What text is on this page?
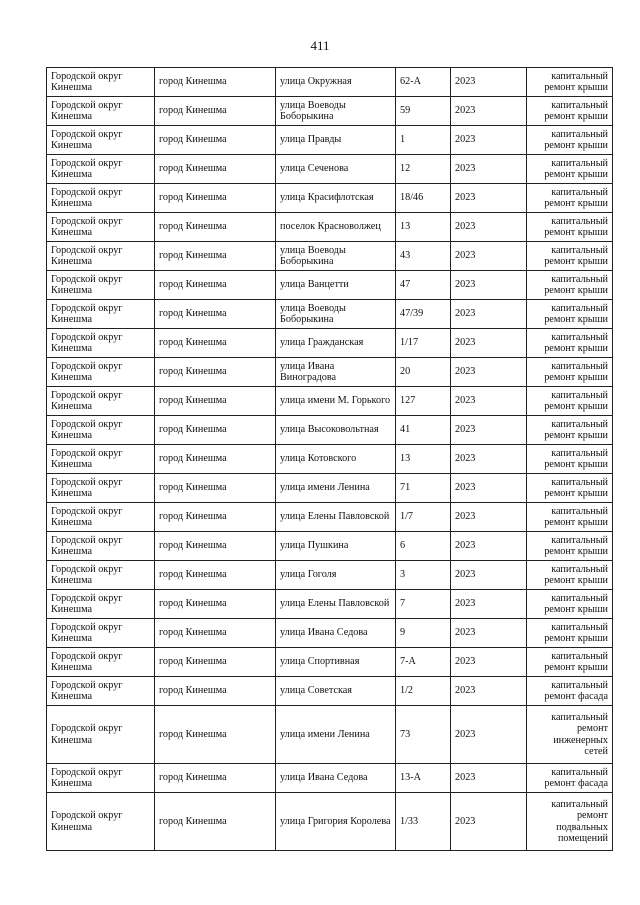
411
Городской округ Кинешма	город Кинешма	улица Окружная	62-А	2023	капитальный ремонт крыши
Городской округ Кинешма	город Кинешма	улица Воеводы Боборыкина	59	2023	капитальный ремонт крыши
Городской округ Кинешма	город Кинешма	улица Правды	1	2023	капитальный ремонт крыши
Городской округ Кинешма	город Кинешма	улица Сеченова	12	2023	капитальный ремонт крыши
Городской округ Кинешма	город Кинешма	улица Красифлотская	18/46	2023	капитальный ремонт крыши
Городской округ Кинешма	город Кинешма	поселок Красноволжец	13	2023	капитальный ремонт крыши
Городской округ Кинешма	город Кинешма	улица Воеводы Боборыкина	43	2023	капитальный ремонт крыши
Городской округ Кинешма	город Кинешма	улица Ванцетти	47	2023	капитальный ремонт крыши
Городской округ Кинешма	город Кинешма	улица Воеводы Боборыкина	47/39	2023	капитальный ремонт крыши
Городской округ Кинешма	город Кинешма	улица Гражданская	1/17	2023	капитальный ремонт крыши
Городской округ Кинешма	город Кинешма	улица Ивана Виноградова	20	2023	капитальный ремонт крыши
Городской округ Кинешма	город Кинешма	улица имени М. Горького	127	2023	капитальный ремонт крыши
Городской округ Кинешма	город Кинешма	улица Высоковольтная	41	2023	капитальный ремонт крыши
Городской округ Кинешма	город Кинешма	улица Котовского	13	2023	капитальный ремонт крыши
Городской округ Кинешма	город Кинешма	улица имени Ленина	71	2023	капитальный ремонт крыши
Городской округ Кинешма	город Кинешма	улица Елены Павловской	1/7	2023	капитальный ремонт крыши
Городской округ Кинешма	город Кинешма	улица Пушкина	6	2023	капитальный ремонт крыши
Городской округ Кинешма	город Кинешма	улица Гоголя	3	2023	капитальный ремонт крыши
Городской округ Кинешма	город Кинешма	улица Елены Павловской	7	2023	капитальный ремонт крыши
Городской округ Кинешма	город Кинешма	улица Ивана Седова	9	2023	капитальный ремонт крыши
Городской округ Кинешма	город Кинешма	улица Спортивная	7-А	2023	капитальный ремонт крыши
Городской округ Кинешма	город Кинешма	улица Советская	1/2	2023	капитальный ремонт фасада
Городской округ Кинешма	город Кинешма	улица имени Ленина	73	2023	капитальный ремонт инженерных сетей
Городской округ Кинешма	город Кинешма	улица Ивана Седова	13-А	2023	капитальный ремонт фасада
Городской округ Кинешма	город Кинешма	улица Григория Королева	1/33	2023	капитальный ремонт подвальных помещений
